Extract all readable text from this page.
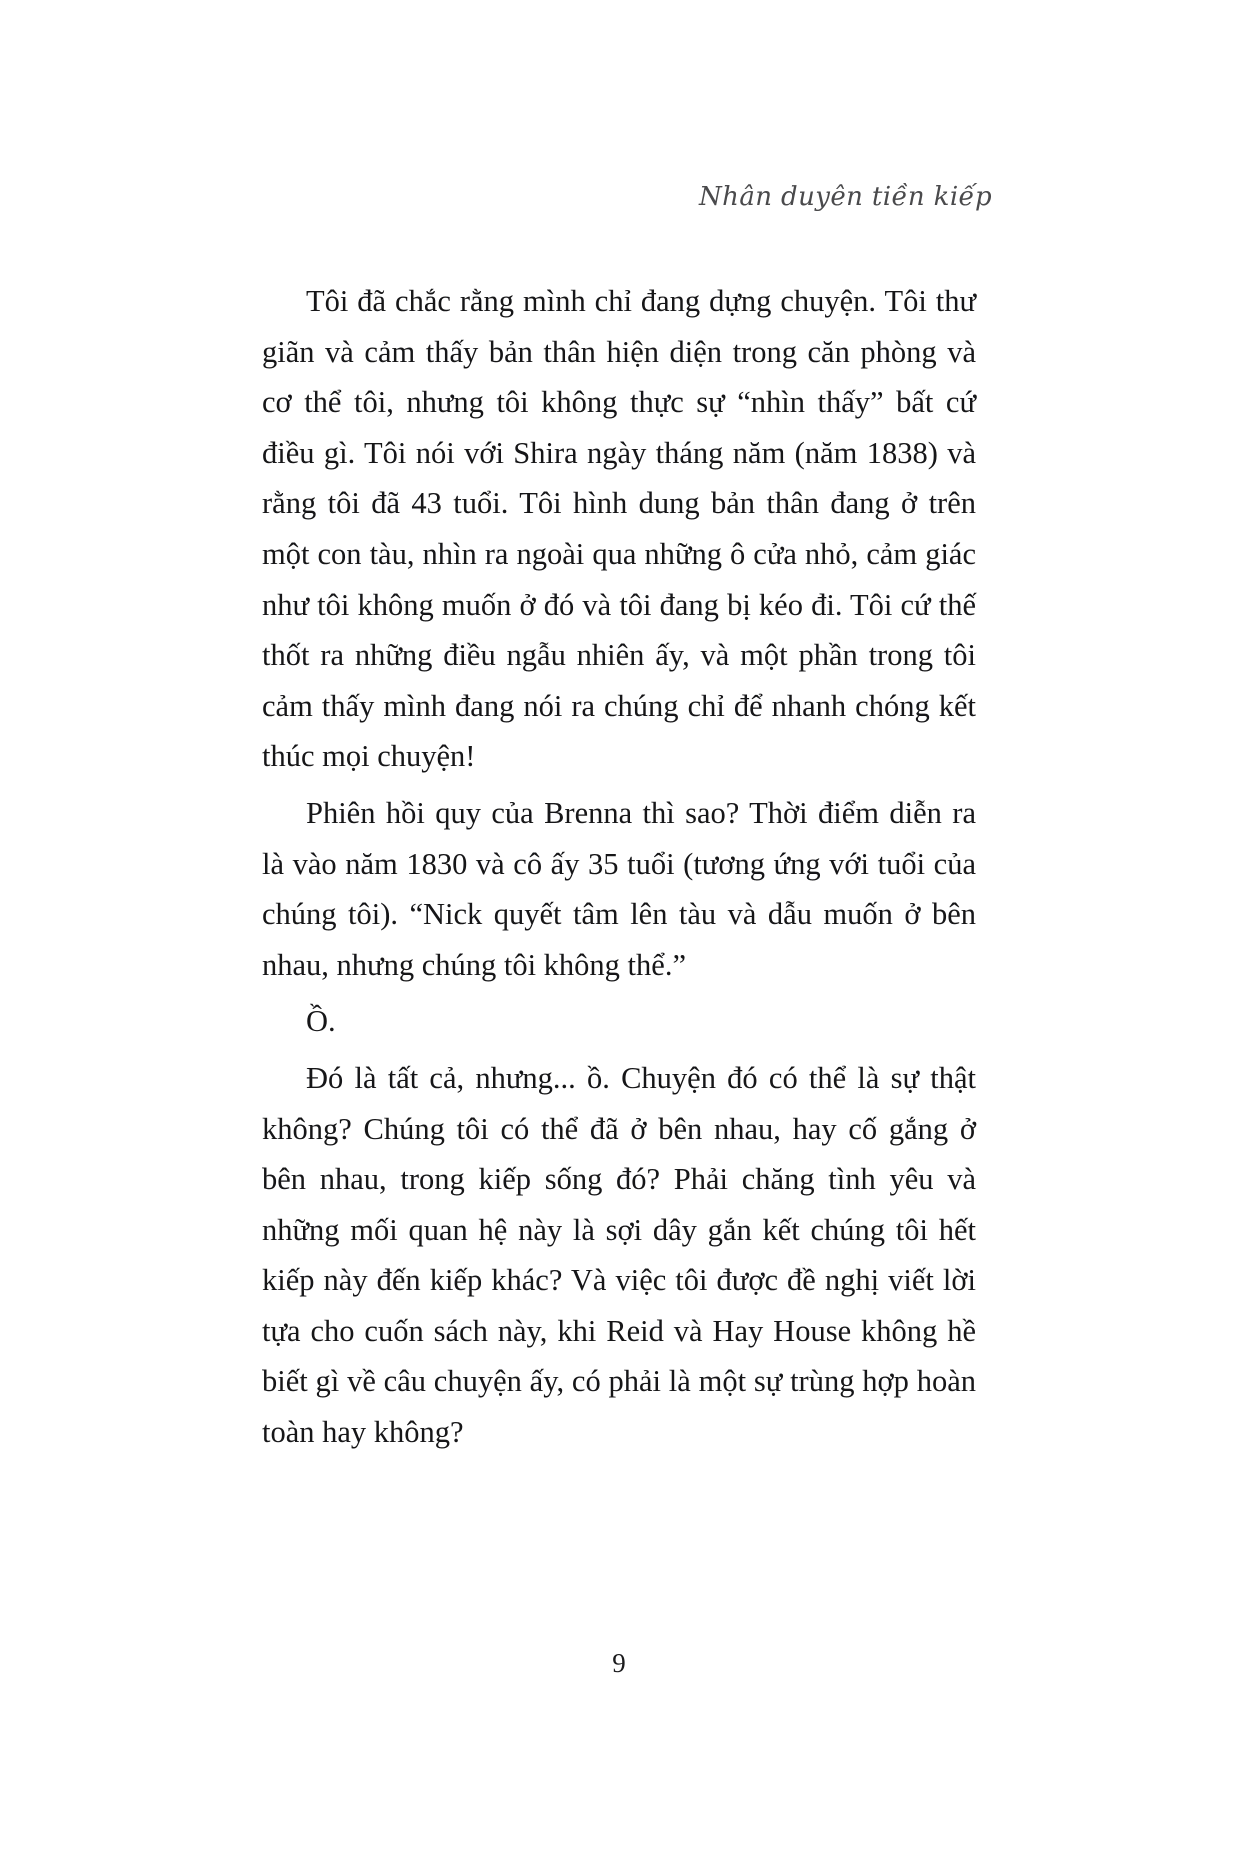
Nhân duyên tiền kiếp

Tôi đã chắc rằng mình chỉ đang dựng chuyện. Tôi thư giãn và cảm thấy bản thân hiện diện trong căn phòng và cơ thể tôi, nhưng tôi không thực sự “nhìn thấy” bất cứ điều gì. Tôi nói với Shira ngày tháng năm (năm 1838) và rằng tôi đã 43 tuổi. Tôi hình dung bản thân đang ở trên một con tàu, nhìn ra ngoài qua những ô cửa nhỏ, cảm giác như tôi không muốn ở đó và tôi đang bị kéo đi. Tôi cứ thế thốt ra những điều ngẫu nhiên ấy, và một phần trong tôi cảm thấy mình đang nói ra chúng chỉ để nhanh chóng kết thúc mọi chuyện!

Phiên hồi quy của Brenna thì sao? Thời điểm diễn ra là vào năm 1830 và cô ấy 35 tuổi (tương ứng với tuổi của chúng tôi). “Nick quyết tâm lên tàu và dẫu muốn ở bên nhau, nhưng chúng tôi không thể.”

Ồ.

Đó là tất cả, nhưng... ồ. Chuyện đó có thể là sự thật không? Chúng tôi có thể đã ở bên nhau, hay cố gắng ở bên nhau, trong kiếp sống đó? Phải chăng tình yêu và những mối quan hệ này là sợi dây gắn kết chúng tôi hết kiếp này đến kiếp khác? Và việc tôi được đề nghị viết lời tựa cho cuốn sách này, khi Reid và Hay House không hề biết gì về câu chuyện ấy, có phải là một sự trùng hợp hoàn toàn hay không?

9
